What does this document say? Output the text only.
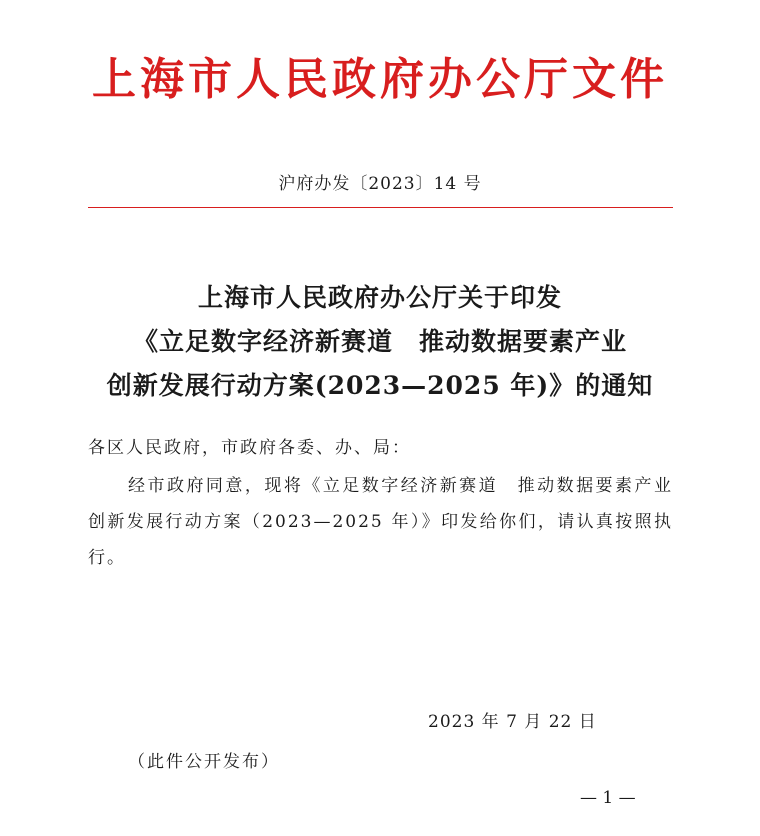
上海市人民政府办公厅文件
沪府办发〔2023〕14 号
上海市人民政府办公厅关于印发
《立足数字经济新赛道　推动数据要素产业
创新发展行动方案(2023—2025 年)》的通知
各区人民政府，市政府各委、办、局：
经市政府同意，现将《立足数字经济新赛道　推动数据要素产业创新发展行动方案（2023—2025 年）》印发给你们，请认真按照执行。
2023 年 7 月 22 日
（此件公开发布）
— 1 —
